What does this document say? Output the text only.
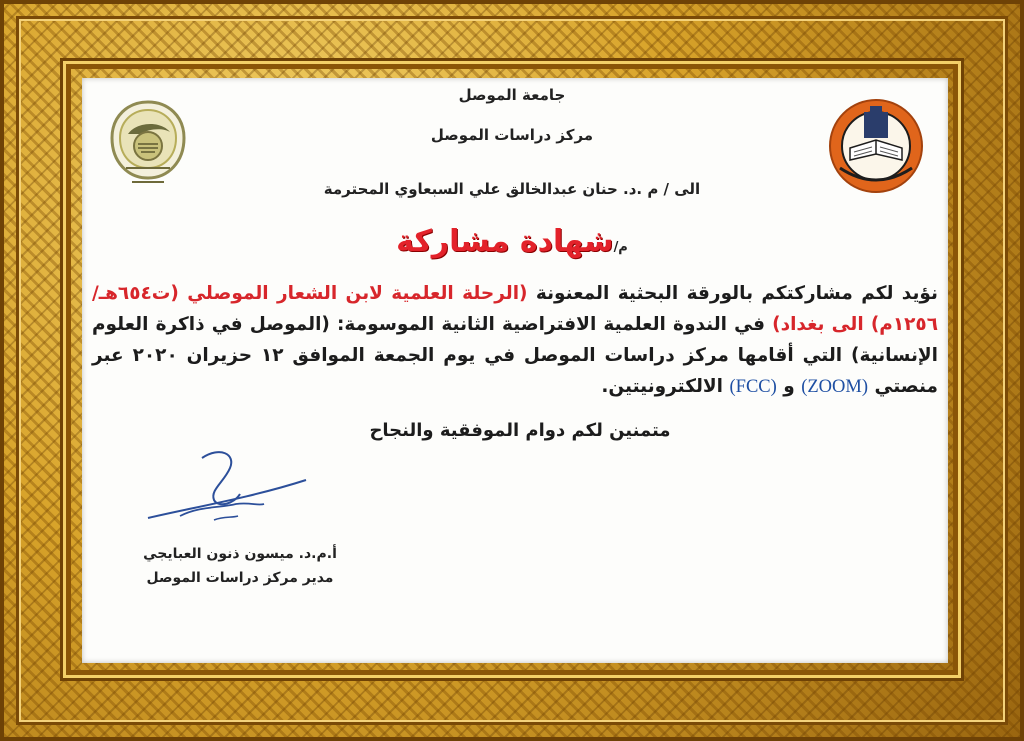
جامعة الموصل
مركز دراسات الموصل
الى / م .د. حنان عبدالخالق علي السبعاوي المحترمة
م/شهادة مشاركة
نؤيد لكم مشاركتكم بالورقة البحثية المعنونة (الرحلة العلمية لابن الشعار الموصلي (ت٦٥٤هـ/١٢٥٦م) الى بغداد) في الندوة العلمية الافتراضية الثانية الموسومة: (الموصل في ذاكرة العلوم الإنسانية) التي أقامها مركز دراسات الموصل في يوم الجمعة الموافق ١٢ حزيران ٢٠٢٠ عبر منصتي (ZOOM) و (FCC) الالكترونيتين.
متمنين لكم دوام الموفقية والنجاح
أ.م.د. ميسون ذنون العبايجي
مدير مركز دراسات الموصل
